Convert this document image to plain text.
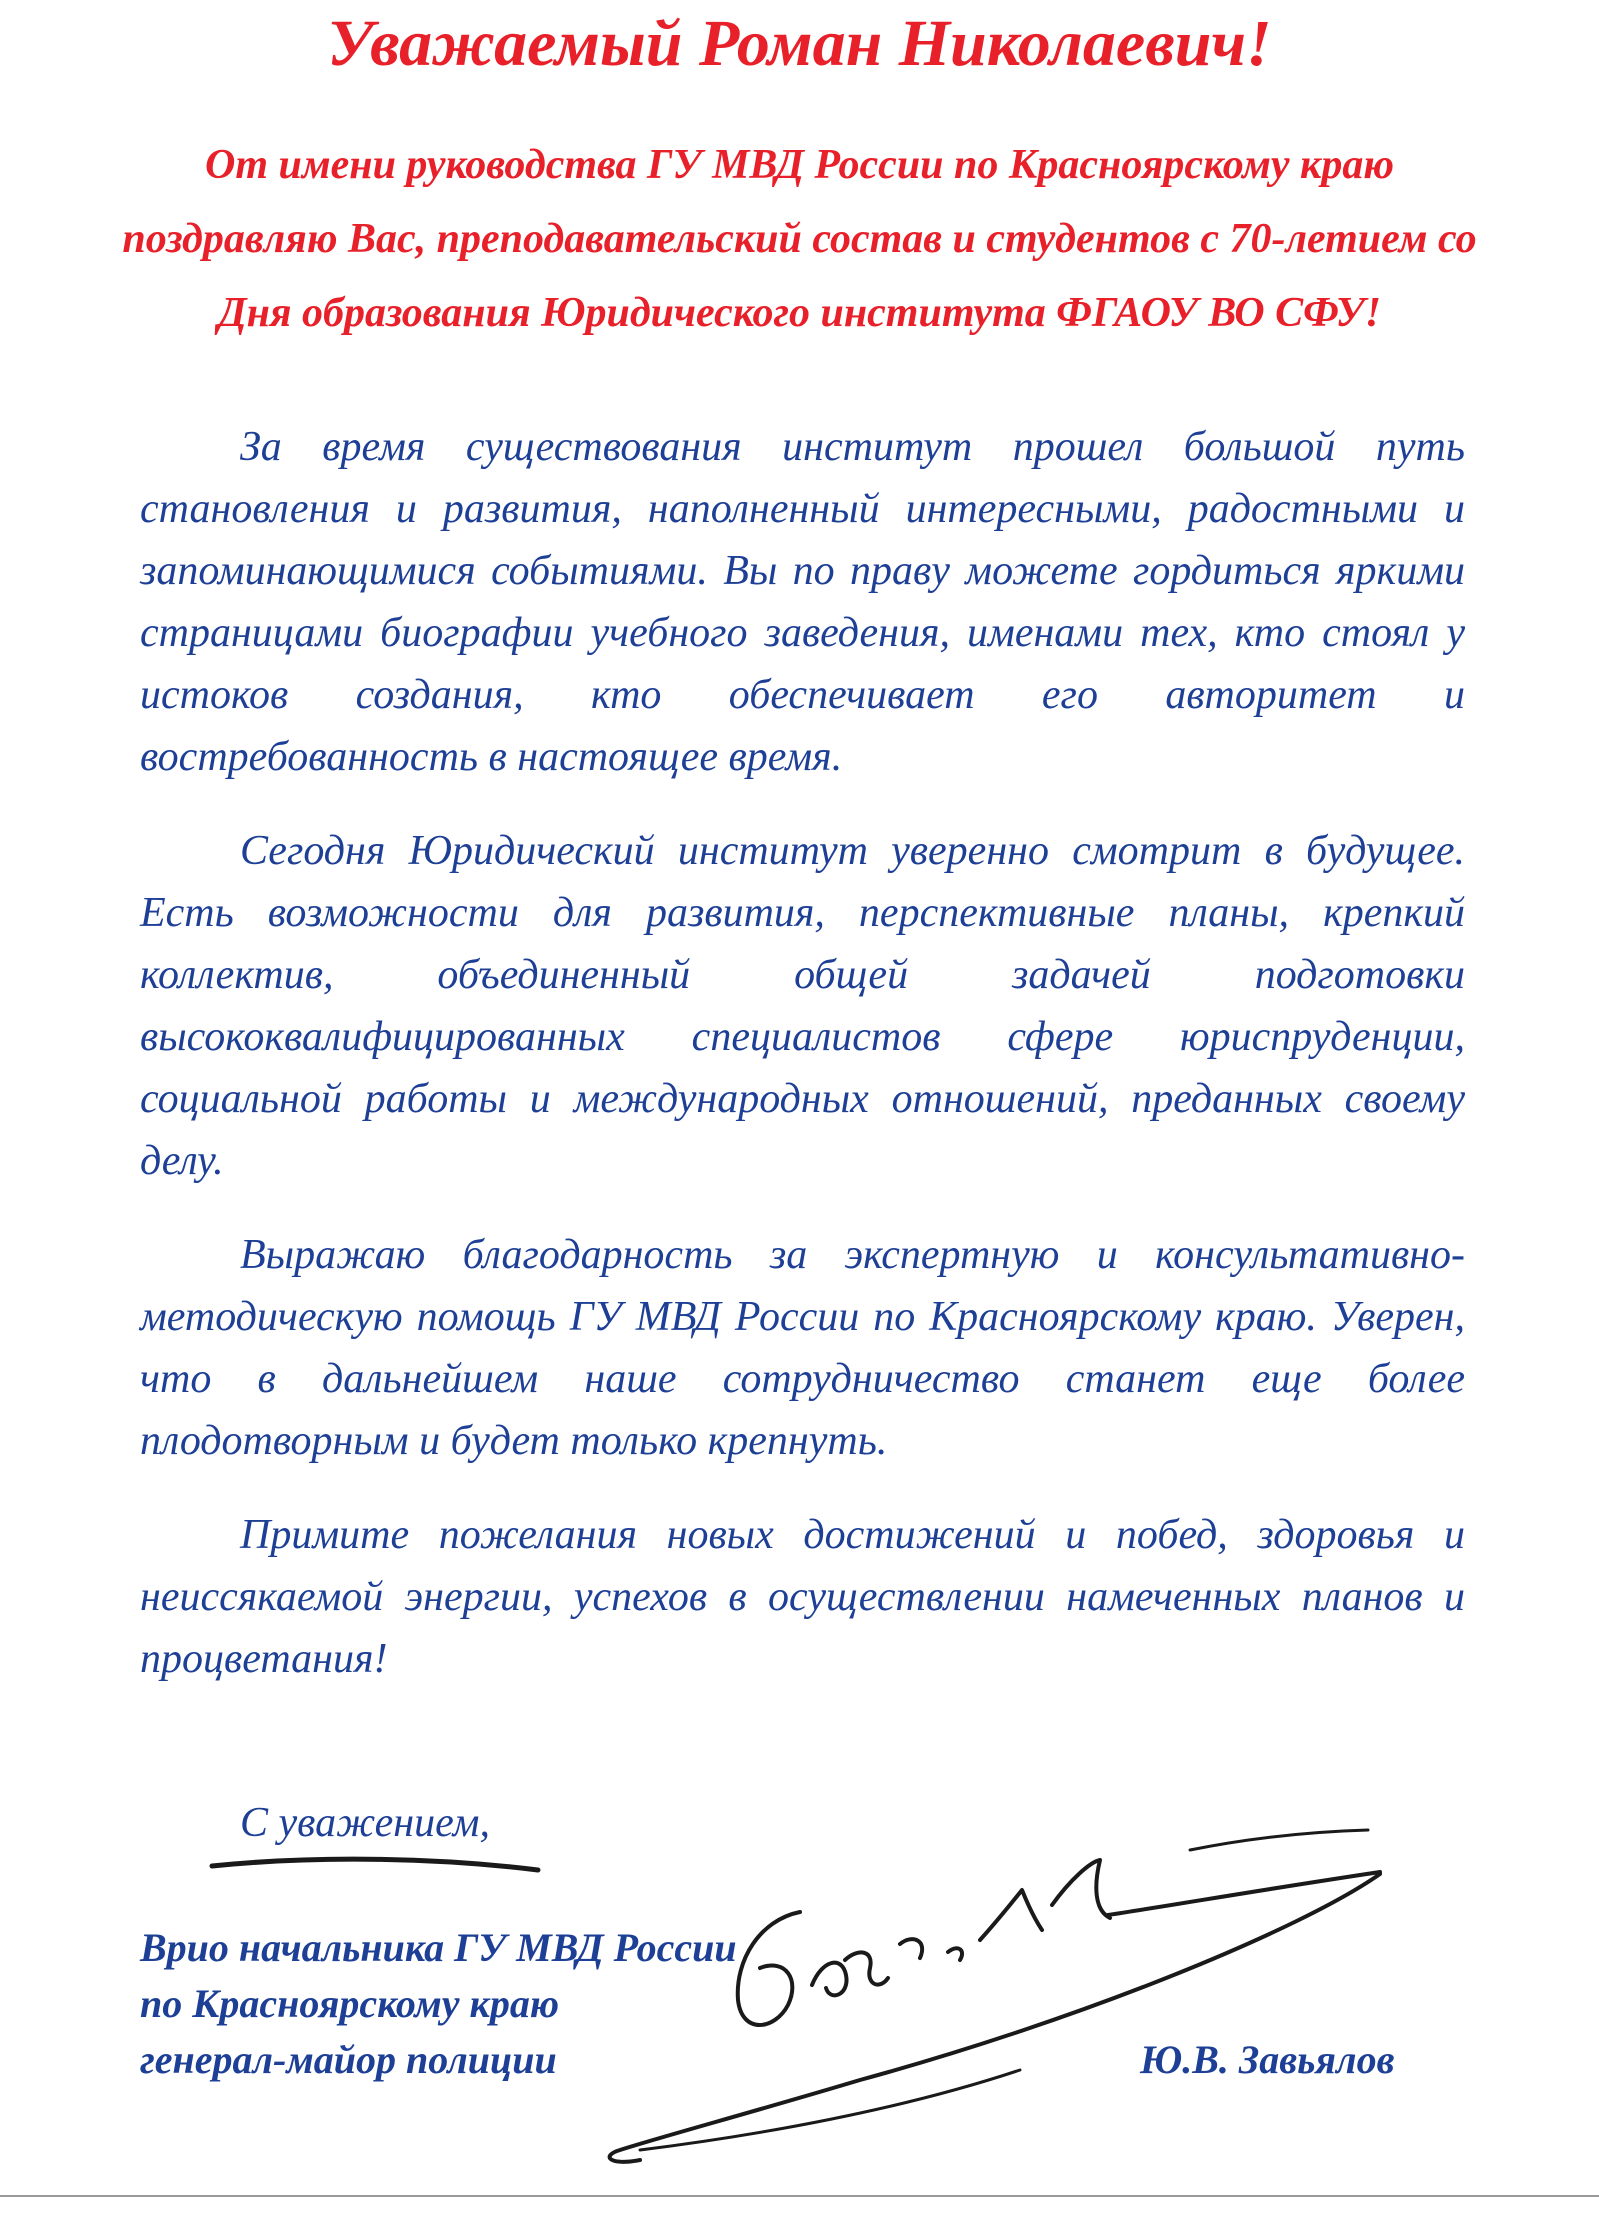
Уважаемый Роман Николаевич!

От имени руководства ГУ МВД России по Красноярскому краю поздравляю Вас, преподавательский состав и студентов с 70-летием со Дня образования Юридического института ФГАОУ ВО СФУ!

За время существования институт прошел большой путь становления и развития, наполненный интересными, радостными и запоминающимися событиями. Вы по праву можете гордиться яркими страницами биографии учебного заведения, именами тех, кто стоял у истоков создания, кто обеспечивает его авторитет и востребованность в настоящее время.

Сегодня Юридический институт уверенно смотрит в будущее. Есть возможности для развития, перспективные планы, крепкий коллектив, объединенный общей задачей подготовки высококвалифицированных специалистов сфере юриспруденции, социальной работы и международных отношений, преданных своему делу.

Выражаю благодарность за экспертную и консультативно-методическую помощь ГУ МВД России по Красноярскому краю. Уверен, что в дальнейшем наше сотрудничество станет еще более плодотворным и будет только крепнуть.

Примите пожелания новых достижений и побед, здоровья и неиссякаемой энергии, успехов в осуществлении намеченных планов и процветания!

С уважением,

Врио начальника ГУ МВД России
по Красноярскому краю
генерал-майор полиции	Ю.В. Завьялов
